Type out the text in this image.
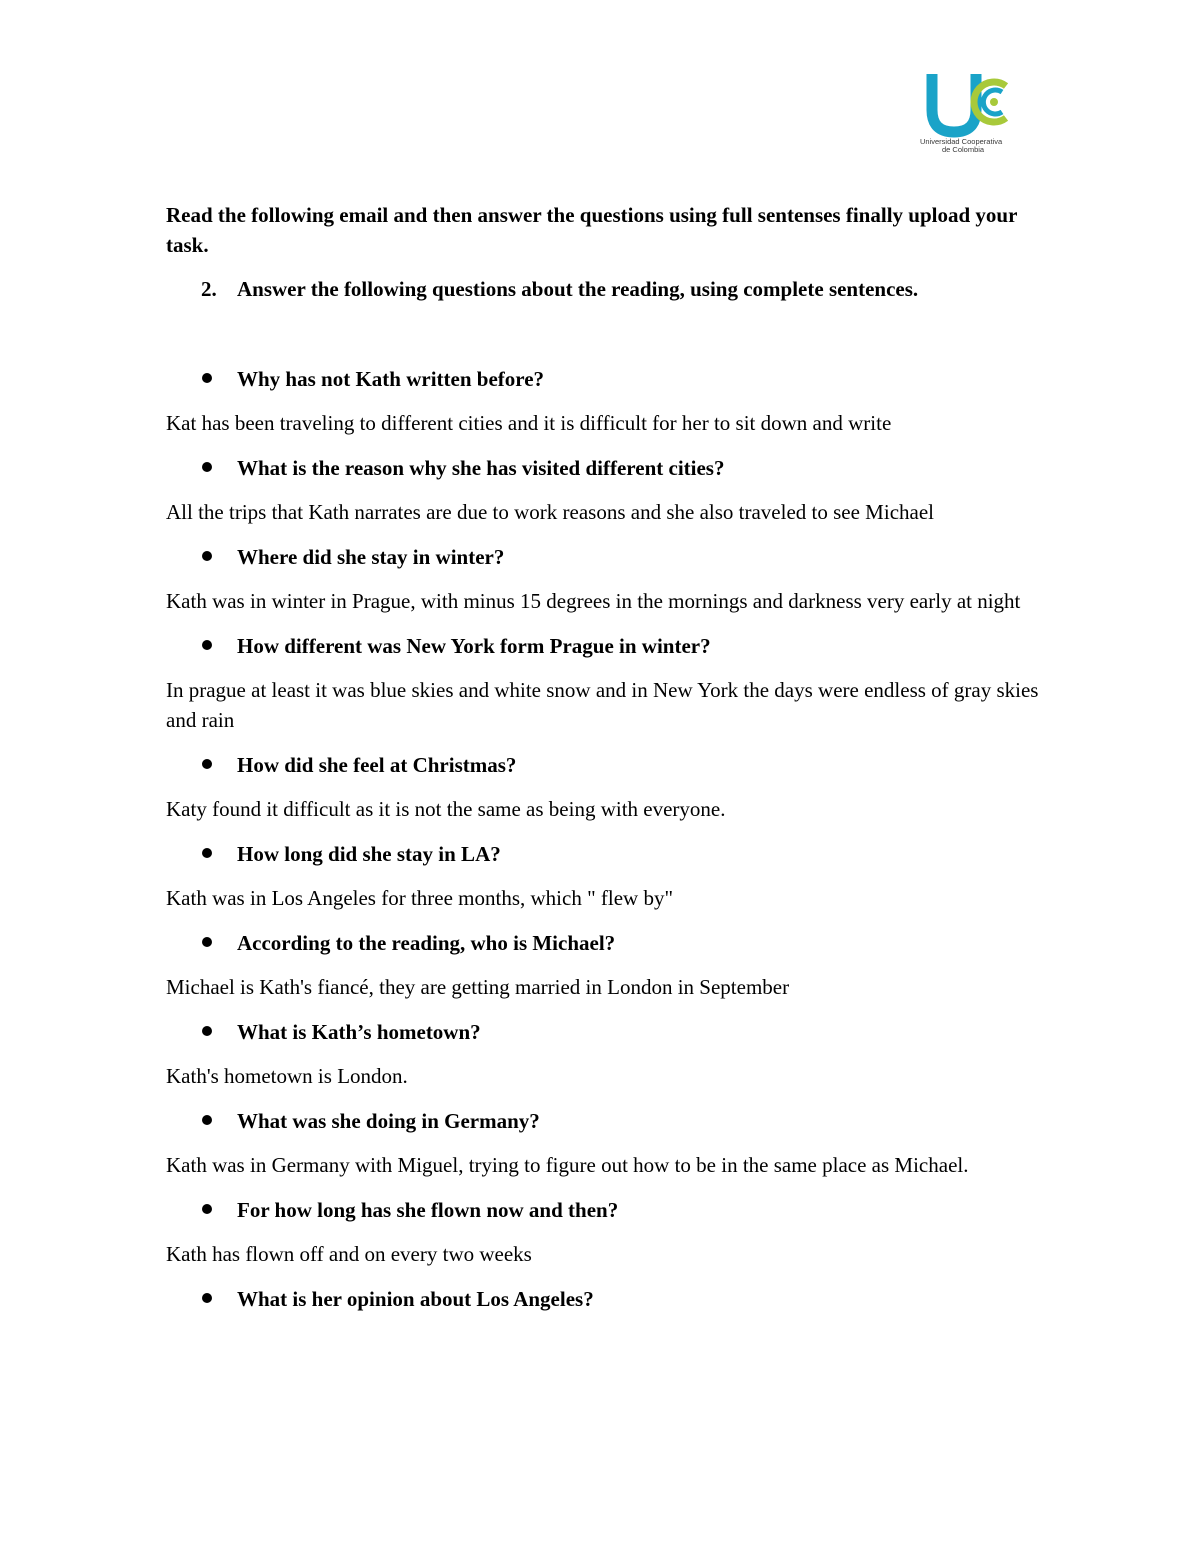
Universidad Cooperativa
de Colombia

Read the following email and then answer the questions using full sentenses finally upload your task.

2. Answer the following questions about the reading, using complete sentences.

Why has not Kath written before?

Kat has been traveling to different cities and it is difficult for her to sit down and write

What is the reason why she has visited different cities?

All the trips that Kath narrates are due to work reasons and she also traveled to see Michael

Where did she stay in winter?

Kath was in winter in Prague, with minus 15 degrees in the mornings and darkness very early at night

How different was New York form Prague in winter?

In prague at least it was blue skies and white snow and in New York the days were endless of gray skies and rain

How did she feel at Christmas?

Katy found it difficult as it is not the same as being with everyone.

How long did she stay in LA?

Kath was in Los Angeles for three months, which " flew by"

According to the reading, who is Michael?

Michael is Kath's fiancé, they are getting married in London in September

What is Kath’s hometown?

Kath's hometown is London.

What was she doing in Germany?

Kath was in Germany with Miguel, trying to figure out how to be in the same place as Michael.

For how long has she flown now and then?

Kath has flown off and on every two weeks

What is her opinion about Los Angeles?
